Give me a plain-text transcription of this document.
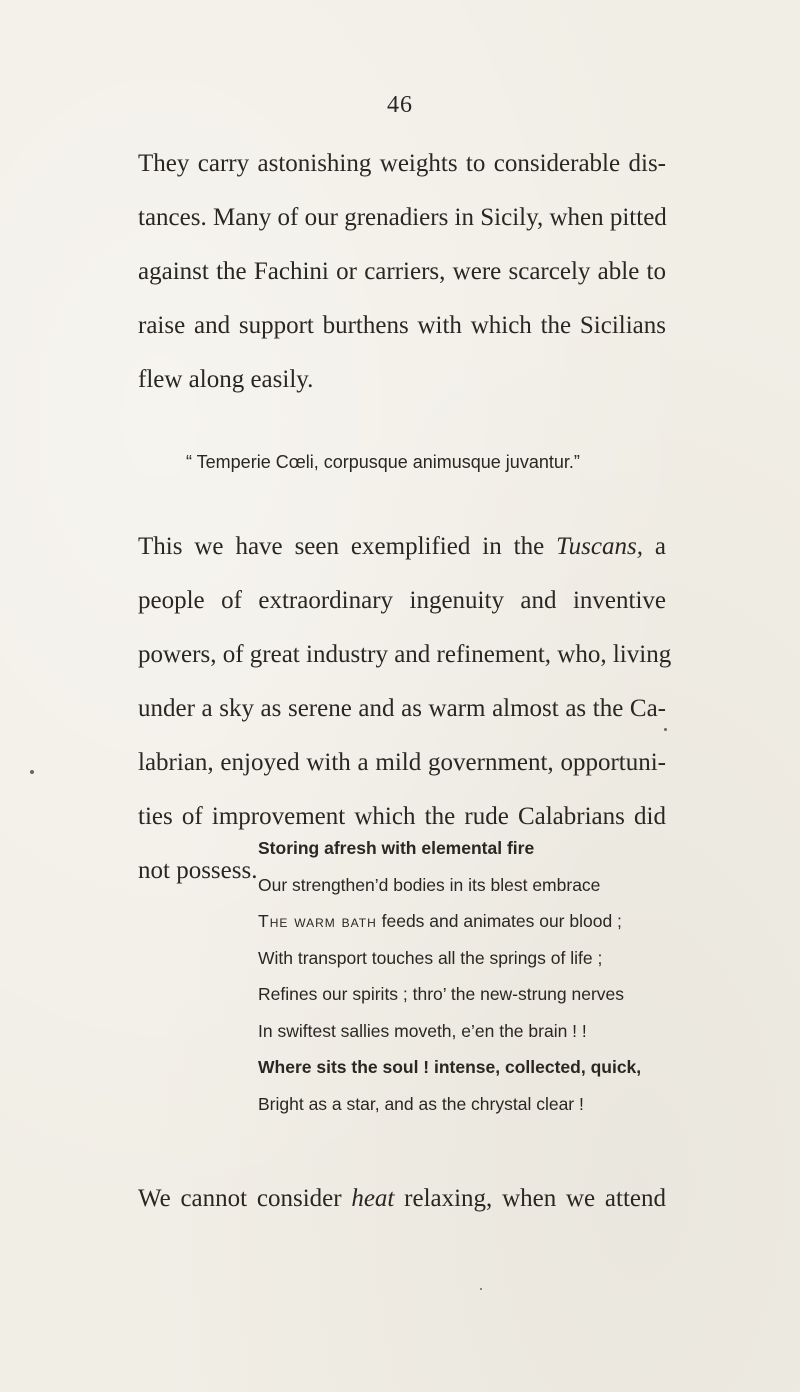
46

They carry astonishing weights to considerable dis-
tances. Many of our grenadiers in Sicily, when pitted
against the Fachini or carriers, were scarcely able to
raise and support burthens with which the Sicilians
flew along easily.

“ Temperie Cœli, corpusque animusque juvantur.”

This we have seen exemplified in the Tuscans, a
people of extraordinary ingenuity and inventive
powers, of great industry and refinement, who, living
under a sky as serene and as warm almost as the Ca-
labrian, enjoyed with a mild government, opportuni-
ties of improvement which the rude Calabrians did
not possess.

Storing afresh with elemental fire
Our strengthen’d bodies in its blest embrace
The warm bath feeds and animates our blood ;
With transport touches all the springs of life ;
Refines our spirits ; thro’ the new-strung nerves
In swiftest sallies moveth, e’en the brain ! !
Where sits the soul ! intense, collected, quick,
Bright as a star, and as the chrystal clear !

We cannot consider heat relaxing, when we attend
